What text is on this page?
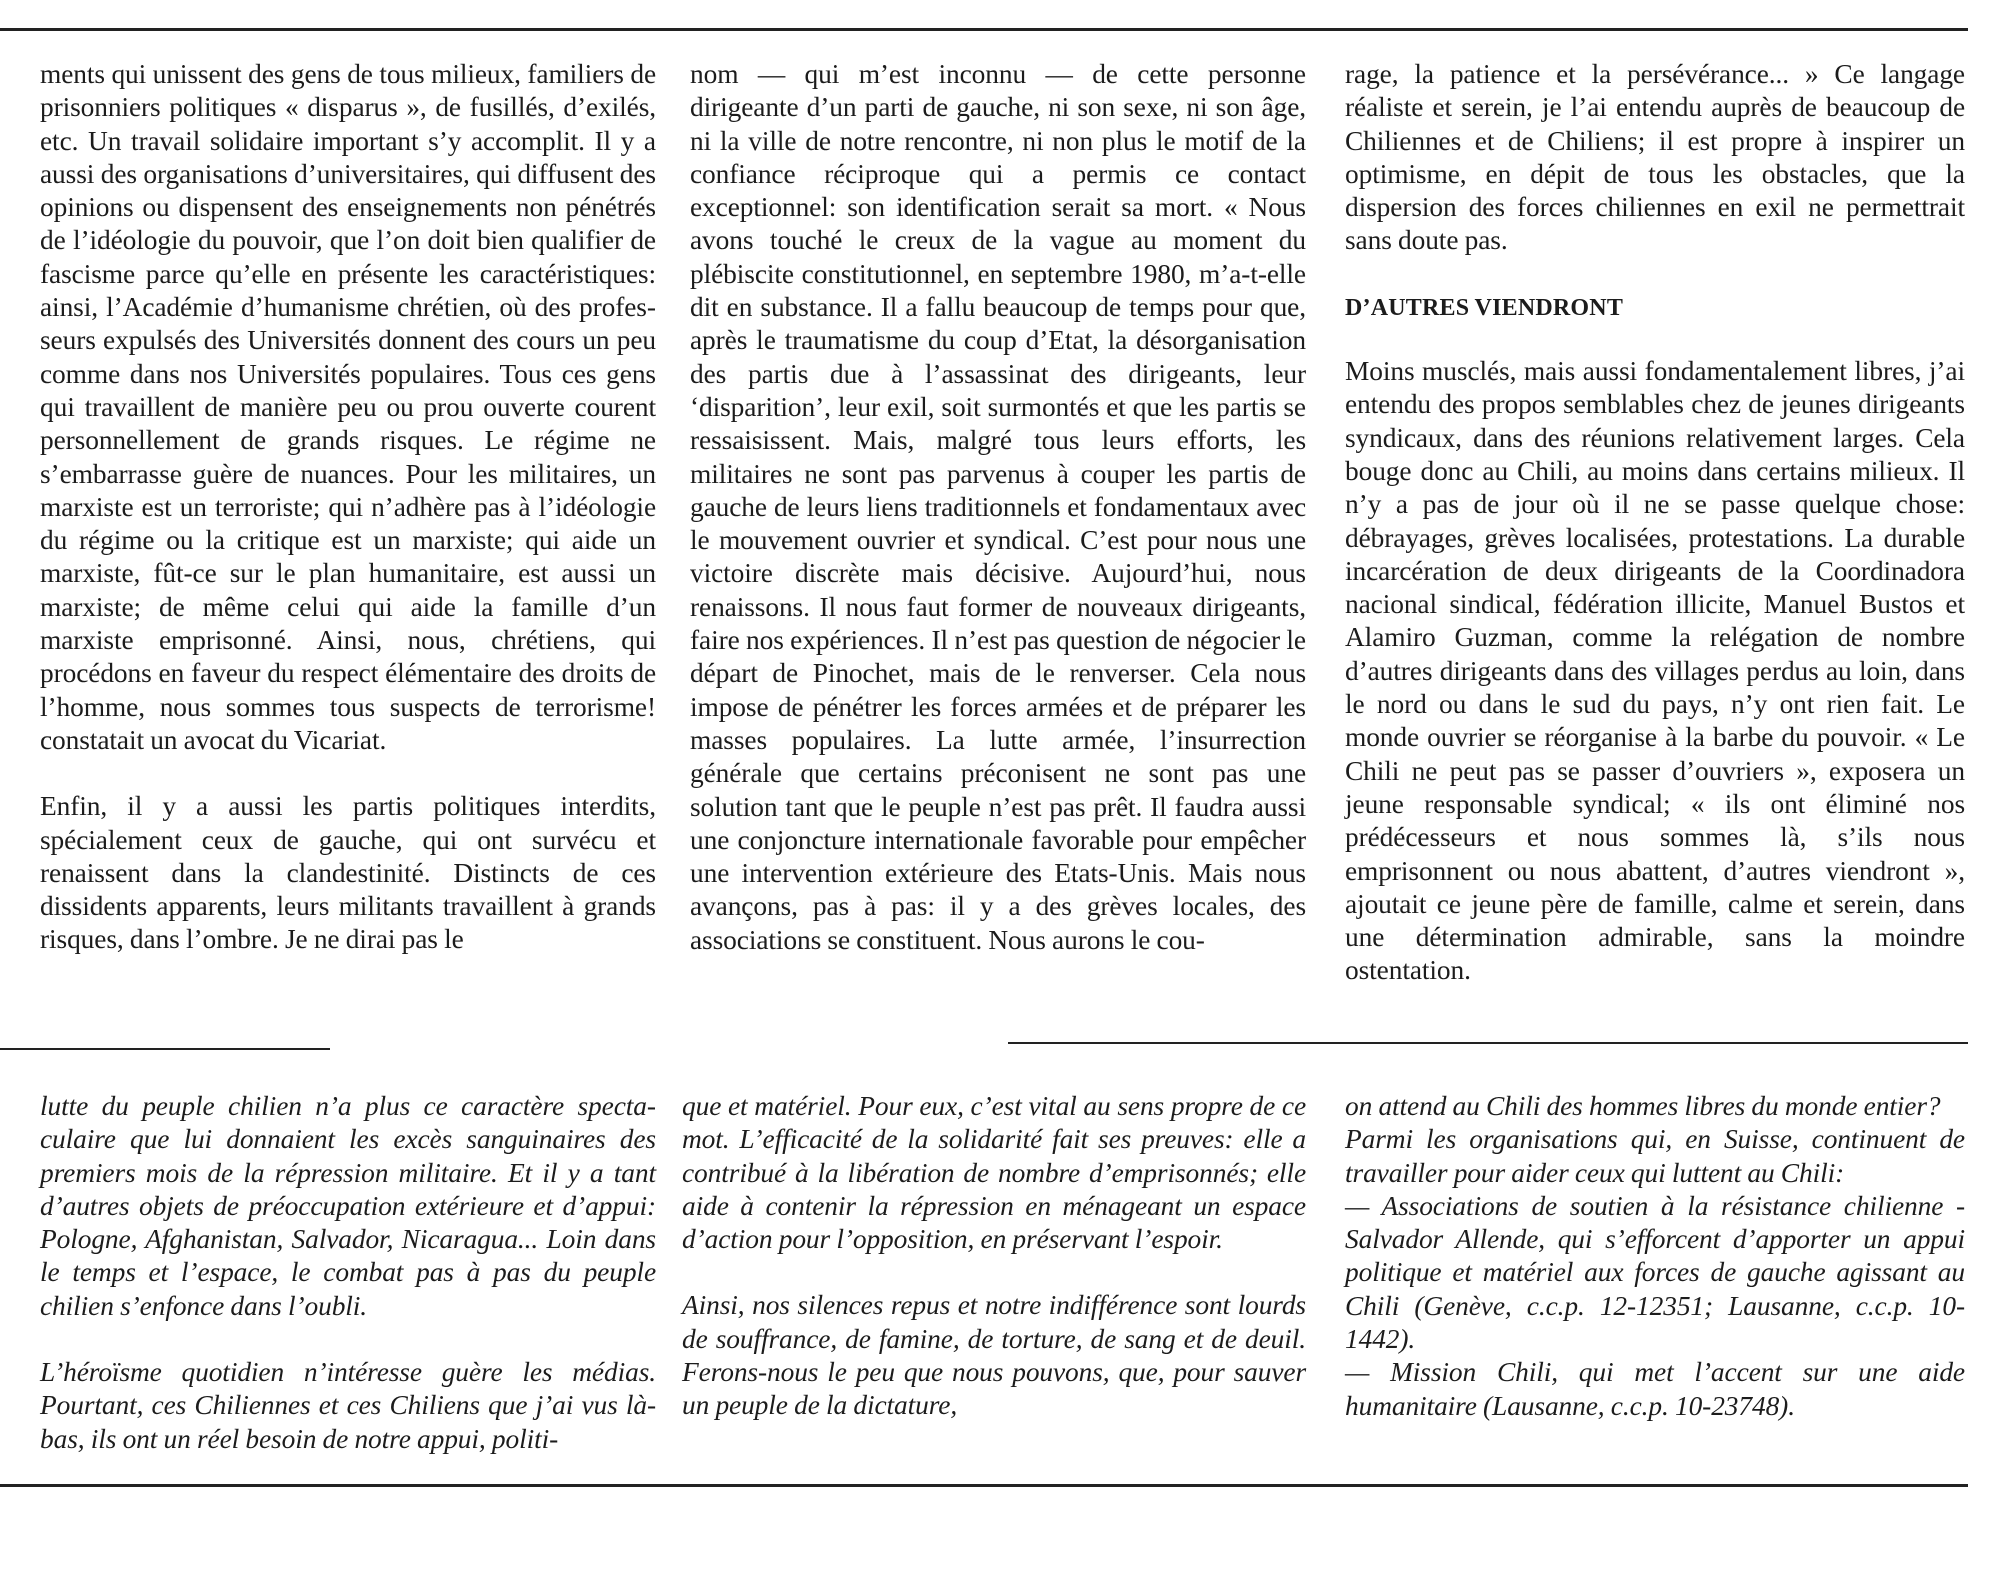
ments qui unissent des gens de tous milieux, familiers de prisonniers politiques « disparus », de fusillés, d’exilés, etc. Un travail solidaire important s’y accomplit. Il y a aussi des organisations d’universitaires, qui diffusent des opinions ou dispensent des enseignements non pénétrés de l’idéologie du pouvoir, que l’on doit bien qualifier de fascisme parce qu’elle en présente les caractéristiques: ainsi, l’Académie d’humanisme chrétien, où des professeurs expulsés des Universités donnent des cours un peu comme dans nos Universités populaires. Tous ces gens qui travaillent de manière peu ou prou ouverte courent personnellement de grands risques. Le régime ne s’embarrasse guère de nuances. Pour les militaires, un marxiste est un terroriste; qui n’adhère pas à l’idéologie du régime ou la critique est un marxiste; qui aide un marxiste, fût-ce sur le plan humanitaire, est aussi un marxiste; de même celui qui aide la famille d’un marxiste emprisonné. Ainsi, nous, chrétiens, qui procédons en faveur du respect élémentaire des droits de l’homme, nous sommes tous suspects de terrorisme! constatait un avocat du Vicariat.

Enfin, il y a aussi les partis politiques interdits, spécialement ceux de gauche, qui ont survécu et renaissent dans la clandestinité. Distincts de ces dissidents apparents, leurs militants travaillent à grands risques, dans l’ombre. Je ne dirai pas le

nom — qui m’est inconnu — de cette personne dirigeante d’un parti de gauche, ni son sexe, ni son âge, ni la ville de notre rencontre, ni non plus le motif de la confiance réciproque qui a permis ce contact exceptionnel: son identification serait sa mort. « Nous avons touché le creux de la vague au moment du plébiscite constitutionnel, en septembre 1980, m’a-t-elle dit en substance. Il a fallu beaucoup de temps pour que, après le traumatisme du coup d’Etat, la désorganisation des partis due à l’assassinat des dirigeants, leur ‘disparition’, leur exil, soit surmontés et que les partis se ressaisissent. Mais, malgré tous leurs efforts, les militaires ne sont pas parvenus à couper les partis de gauche de leurs liens traditionnels et fondamentaux avec le mouvement ouvrier et syndical. C’est pour nous une victoire discrète mais décisive. Aujourd’hui, nous renaissons. Il nous faut former de nouveaux dirigeants, faire nos expériences. Il n’est pas question de négocier le départ de Pinochet, mais de le renverser. Cela nous impose de pénétrer les forces armées et de préparer les masses populaires. La lutte armée, l’insurrection générale que certains préconisent ne sont pas une solution tant que le peuple n’est pas prêt. Il faudra aussi une conjoncture internationale favorable pour empêcher une intervention extérieure des Etats-Unis. Mais nous avançons, pas à pas: il y a des grèves locales, des associations se constituent. Nous aurons le cou-

rage, la patience et la persévérance... » Ce langage réaliste et serein, je l’ai entendu auprès de beaucoup de Chiliennes et de Chiliens; il est propre à inspirer un optimisme, en dépit de tous les obstacles, que la dispersion des forces chiliennes en exil ne permettrait sans doute pas.

D’AUTRES VIENDRONT

Moins musclés, mais aussi fondamentalement libres, j’ai entendu des propos semblables chez de jeunes dirigeants syndicaux, dans des réunions relativement larges. Cela bouge donc au Chili, au moins dans certains milieux. Il n’y a pas de jour où il ne se passe quelque chose: débrayages, grèves localisées, protestations. La durable incarcération de deux dirigeants de la Coordinadora nacional sindical, fédération illicite, Manuel Bustos et Alamiro Guzman, comme la relégation de nombre d’autres dirigeants dans des villages perdus au loin, dans le nord ou dans le sud du pays, n’y ont rien fait. Le monde ouvrier se réorganise à la barbe du pouvoir. « Le Chili ne peut pas se passer d’ouvriers », exposera un jeune responsable syndical; « ils ont éliminé nos prédécesseurs et nous sommes là, s’ils nous emprisonnent ou nous abattent, d’autres viendront », ajoutait ce jeune père de famille, calme et serein, dans une détermination admirable, sans la moindre ostentation.

lutte du peuple chilien n’a plus ce caractère spectaculaire que lui donnaient les excès sanguinaires des premiers mois de la répression militaire. Et il y a tant d’autres objets de préoccupation extérieure et d’appui: Pologne, Afghanistan, Salvador, Nicaragua... Loin dans le temps et l’espace, le combat pas à pas du peuple chilien s’enfonce dans l’oubli.

L’héroïsme quotidien n’intéresse guère les médias. Pourtant, ces Chiliennes et ces Chiliens que j’ai vus là-bas, ils ont un réel besoin de notre appui, politi-

que et matériel. Pour eux, c’est vital au sens propre de ce mot. L’efficacité de la solidarité fait ses preuves: elle a contribué à la libération de nombre d’emprisonnés; elle aide à contenir la répression en ménageant un espace d’action pour l’opposition, en préservant l’espoir.

Ainsi, nos silences repus et notre indifférence sont lourds de souffrance, de famine, de torture, de sang et de deuil. Ferons-nous le peu que nous pouvons, que, pour sauver un peuple de la dictature,

on attend au Chili des hommes libres du monde entier?

Parmi les organisations qui, en Suisse, continuent de travailler pour aider ceux qui luttent au Chili:

— Associations de soutien à la résistance chilienne - Salvador Allende, qui s’efforcent d’apporter un appui politique et matériel aux forces de gauche agissant au Chili (Genève, c.c.p. 12-12351; Lausanne, c.c.p. 10-1442).

— Mission Chili, qui met l’accent sur une aide humanitaire (Lausanne, c.c.p. 10-23748).
